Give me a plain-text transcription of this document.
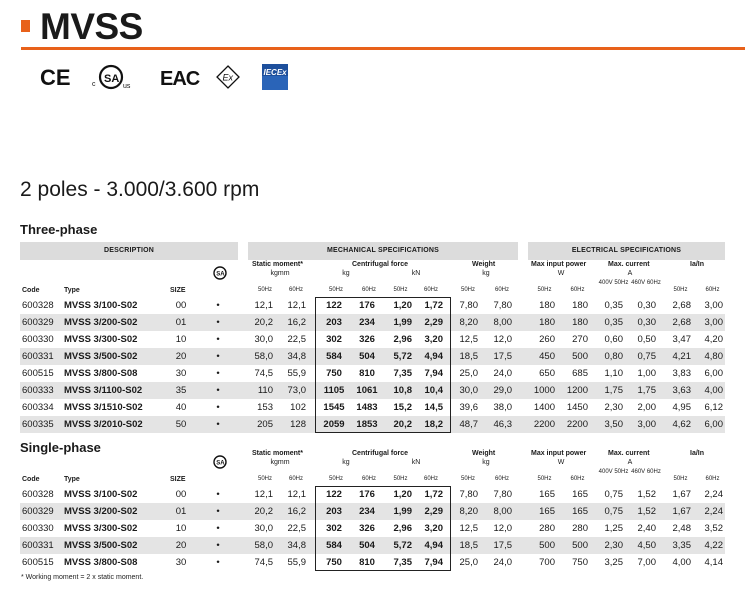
MVSS
CE	SA
c	us EAC	Ex	IECEx
2 poles - 3.000/3.600 rpm
Three-phase
DESCRIPTION	MECHANICAL SPECIFICATIONS	ELECTRICAL SPECIFICATIONS
Static moment*
kgmm
Centrifugal force
kg	kN
Weight
kg
Max input power
W
Max. current
A
Ia/In
Code	Type	SIZE	50Hz	60Hz	50Hz	60Hz	50Hz	60Hz	50Hz	60Hz	50Hz	60Hz	50Hz	60Hz
400V 50Hz 460V 60Hz
SA
600328	MVSS 3/100-S02	00	•	12,1	12,1	122	176	1,20	1,72	7,80	7,80	180	180	0,35	0,30	2,68	3,00
600329	MVSS 3/200-S02	01	•	20,2	16,2	203	234	1,99	2,29	8,20	8,00	180	180	0,35	0,30	2,68	3,00
600330	MVSS 3/300-S02	10	•	30,0	22,5	302	326	2,96	3,20	12,5	12,0	260	270	0,60	0,50	3,47	4,20
600331	MVSS 3/500-S02	20	•	58,0	34,8	584	504	5,72	4,94	18,5	17,5	450	500	0,80	0,75	4,21	4,80
600515	MVSS 3/800-S08	30	•	74,5	55,9	750	810	7,35	7,94	25,0	24,0	650	685	1,10	1,00	3,83	6,00
600333	MVSS 3/1100-S02	35	•	110	73,0	1105	1061	10,8	10,4	30,0	29,0	1000	1200	1,75	1,75	3,63	4,00
600334	MVSS 3/1510-S02	40	•	153	102	1545	1483	15,2	14,5	39,6	38,0	1400	1450	2,30	2,00	4,95	6,12
600335	MVSS 3/2010-S02	50	•	205	128	2059	1853	20,2	18,2	48,7	46,3	2200	2200	3,50	3,00	4,62	6,00
Single-phase	Static moment*
kgmm
Centrifugal force
kg	kN
Weight
kg
Max input power
W
Max. current
A
Ia/In
Code	Type	SIZE	50Hz	60Hz	50Hz	60Hz	50Hz	60Hz	50Hz	60Hz	50Hz	60Hz	50Hz	60Hz
400V 50Hz 460V 60Hz
SA
600328	MVSS 3/100-S02	00	•	12,1	12,1	122	176	1,20	1,72	7,80	7,80	165	165	0,75	1,52	1,67	2,24
600329	MVSS 3/200-S02	01	•	20,2	16,2	203	234	1,99	2,29	8,20	8,00	165	165	0,75	1,52	1,67	2,24
600330	MVSS 3/300-S02	10	•	30,0	22,5	302	326	2,96	3,20	12,5	12,0	280	280	1,25	2,40	2,48	3,52
600331	MVSS 3/500-S02	20	•	58,0	34,8	584	504	5,72	4,94	18,5	17,5	500	500	2,30	4,50	3,35	4,22
600515	MVSS 3/800-S08	30	•	74,5	55,9	750	810	7,35	7,94	25,0	24,0	700	750	3,25	7,00	4,00	4,14
* Working moment = 2 x static moment.
